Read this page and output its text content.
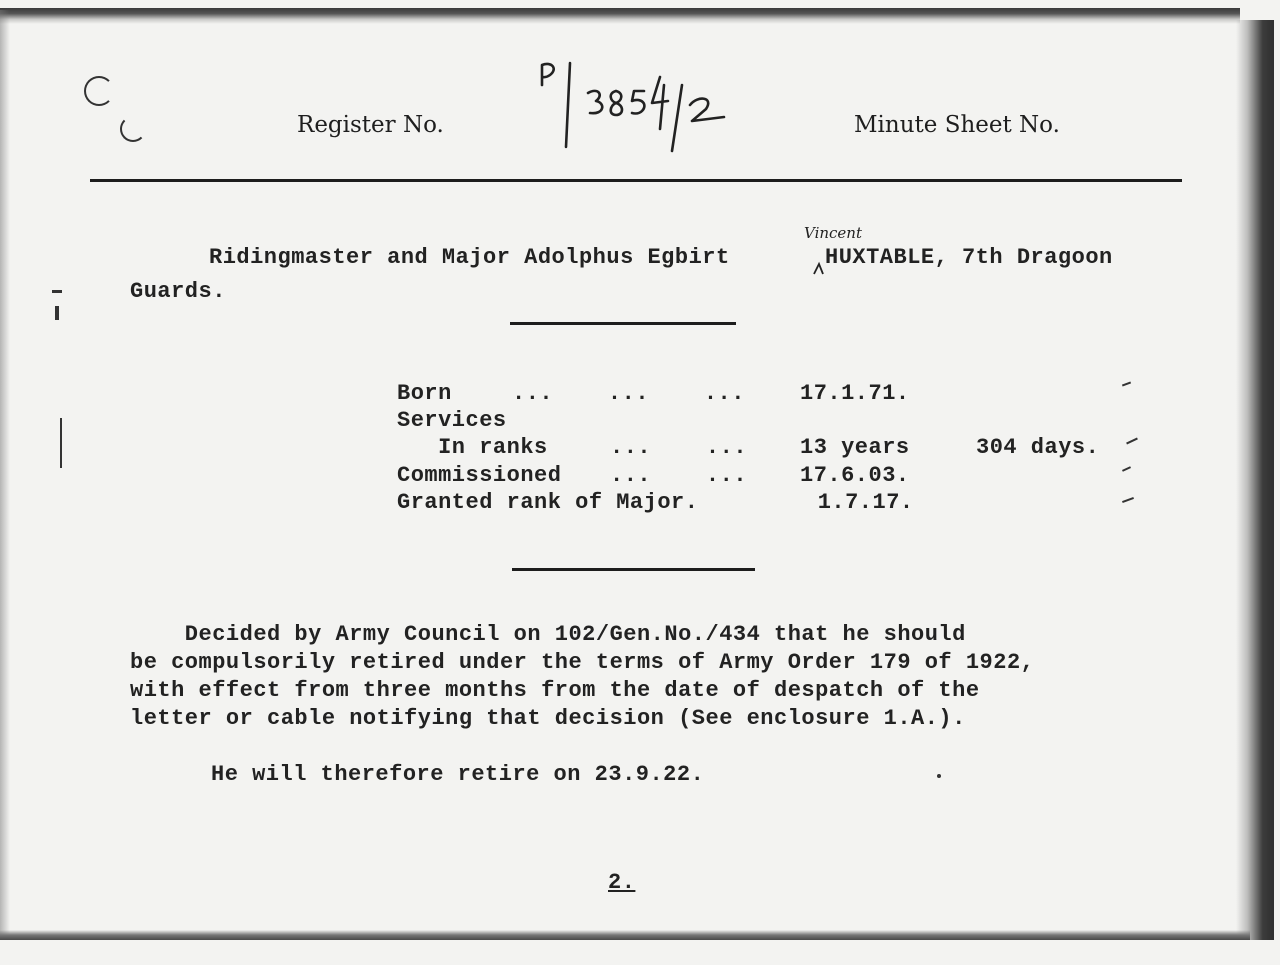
Register No.	Minute Sheet No.
Vincent
Ridingmaster and Major Adolphus Egbirt	HUXTABLE, 7th Dragoon
Guards.
Born	...    ...    ...	17.1.71.
Services
In ranks	...    ... 13 years	304 days.
Commissioned ...    ... 17.6.03.
Granted rank of Major.	1.7.17.
Decided by Army Council on 102/Gen.No./434 that he should
be compulsorily retired under the terms of Army Order 179 of 1922,
with effect from three months from the date of despatch of the
letter or cable notifying that decision (See enclosure 1.A.).
He will therefore retire on 23.9.22.
2.
